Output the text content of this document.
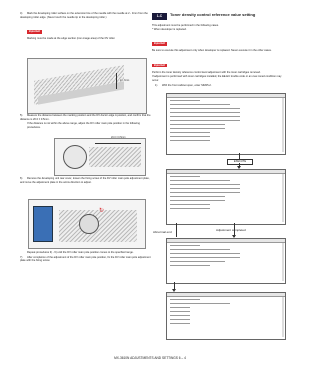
4) Mark the developing roller surface on the extension line of the needle with the needle at 2 - 3mm from the developing roller edge. (Never touch the needle tip to the developing roller.)

Important

Marking must be made at the edge section (non-image area) of the DV roller.

2 – 3mm

5) Measure the distance between the marking position and the DV doctor edge A position, and confirm that the distance is 20.0 ± 0.5mm.

If the distance is not within the above range, adjust the DV roller main pole position in the following procedures.

20.0 ± 0.5mm

6) Remove the developing unit rear cover, loosen the fixing screw of the DV roller main pole adjustment plate, and move the adjustment plate in the arrow direction to adjust.

↻

Repeat procedures 3) - 6) until the DV roller main pole position comes to the specified range.

7) After completion of the adjustment of the DV roller main pole position, fix the DV roller main pole adjustment plate with the fixing screw.

1-C	Toner density control reference value setting

This adjustment must be performed in the following cases.

* When developer is replaced.

Important

Be sure to execute this adjustment only when developer is replaced. Never execute it in the other cases.

Important

Perform the toner density reference control level adjustment with the toner cartridges removed.

If adjustment is performed with toner cartridges installed, the EE-EU trouble code or an over-toned condition may occur.

1) With the front cabinet open, enter SIM25-2.

EXECUTE
Abnormal end	Adjustment completed
MX-3610N ADJUSTMENTS AND SETTINGS 6 – 4
